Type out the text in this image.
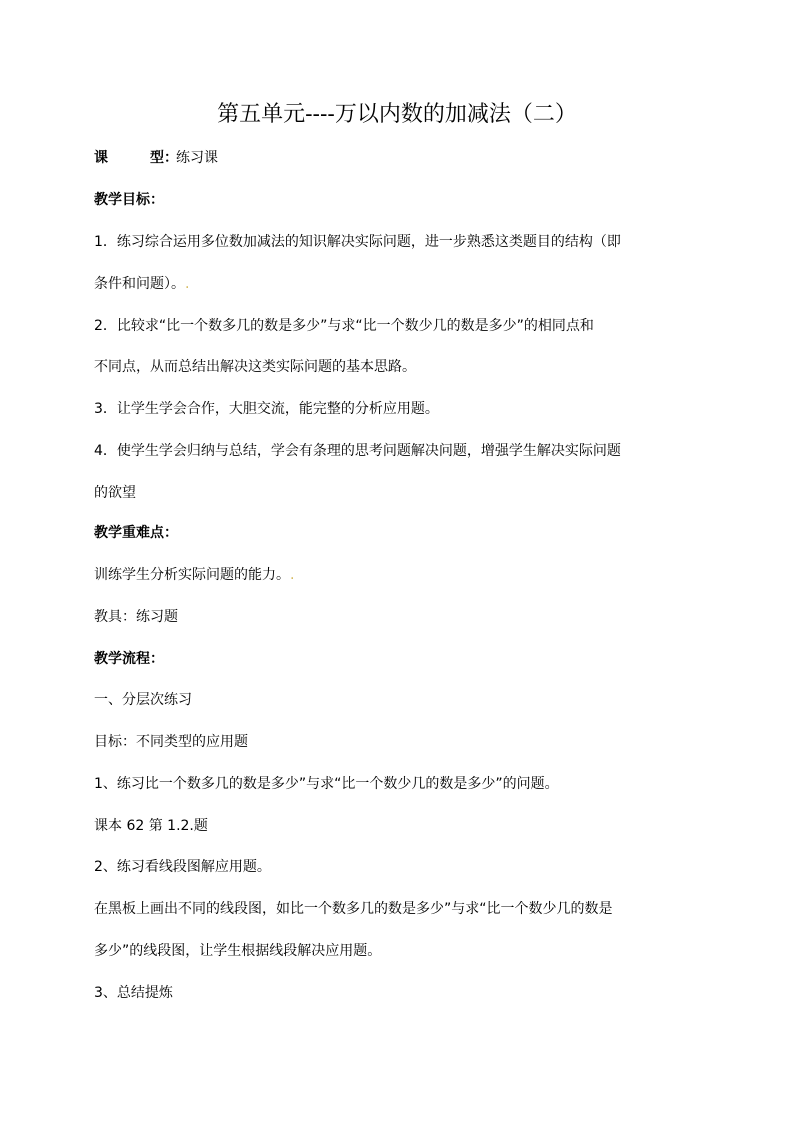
第五单元----万以内数的加减法（二）
课	型：练习课
教学目标：
1．练习综合运用多位数加减法的知识解决实际问题，进一步熟悉这类题目的结构（即
条件和问题）。.
2．比较求“比一个数多几的数是多少”与求“比一个数少几的数是多少”的相同点和
不同点，从而总结出解决这类实际问题的基本思路。
3．让学生学会合作，大胆交流，能完整的分析应用题。
4．使学生学会归纳与总结，学会有条理的思考问题解决问题，增强学生解决实际问题
的欲望
教学重难点：
训练学生分析实际问题的能力。.
教具：练习题
教学流程：
一、分层次练习
目标：不同类型的应用题
1、练习比一个数多几的数是多少”与求“比一个数少几的数是多少”的问题。
课本 62 第 1.2.题
2、练习看线段图解应用题。
在黑板上画出不同的线段图，如比一个数多几的数是多少”与求“比一个数少几的数是
多少”的线段图，让学生根据线段解决应用题。
3、总结提炼
